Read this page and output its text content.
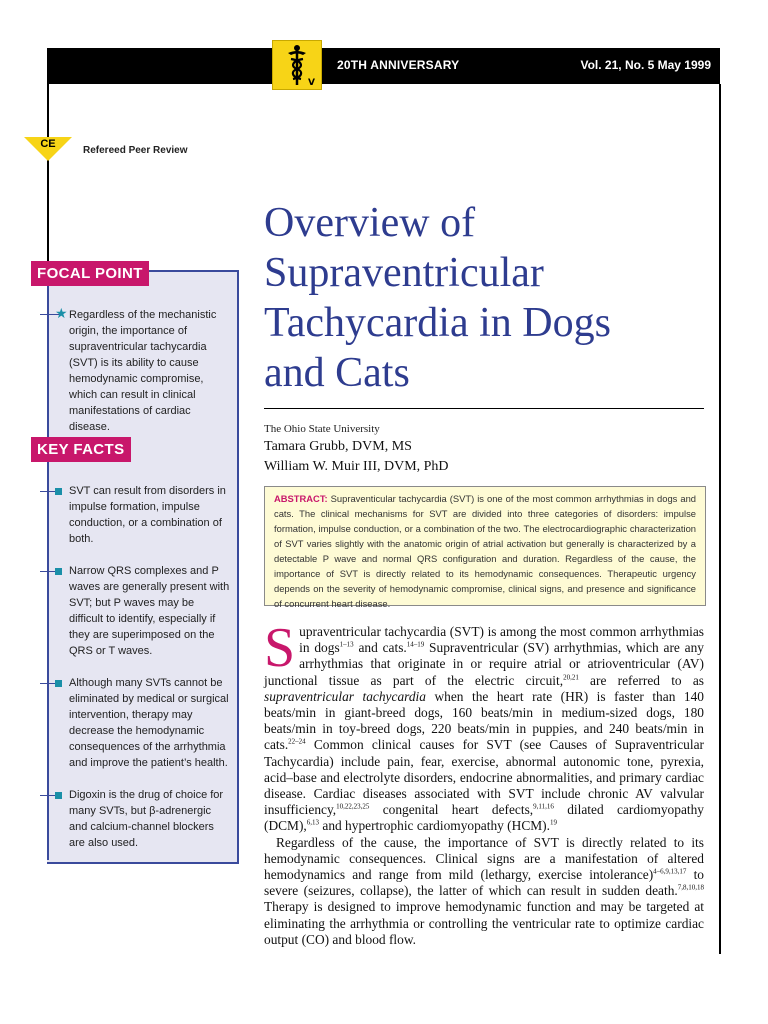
V
20TH ANNIVERSARY	Vol. 21, No. 5 May 1999
CE
Refereed Peer Review
FOCAL POINT
★ Regardless of the mechanistic origin, the importance of supraventricular tachycardia (SVT) is its ability to cause hemodynamic compromise, which can result in clinical manifestations of cardiac disease.
KEY FACTS
SVT can result from disorders in impulse formation, impulse conduction, or a combination of both.
Narrow QRS complexes and P waves are generally present with SVT; but P waves may be difficult to identify, especially if they are superimposed on the QRS or T waves.
Although many SVTs cannot be eliminated by medical or surgical intervention, therapy may decrease the hemodynamic consequences of the arrhythmia and improve the patient’s health.
Digoxin is the drug of choice for many SVTs, but β-adrenergic and calcium-channel blockers are also used.
Overview of
Supraventricular
Tachycardia in Dogs
and Cats
The Ohio State University
Tamara Grubb, DVM, MS
William W. Muir III, DVM, PhD
ABSTRACT: Supraventicular tachycardia (SVT) is one of the most common arrhythmias in dogs and cats. The clinical mechanisms for SVT are divided into three categories of disorders: impulse formation, impulse conduction, or a combination of the two. The electrocardiographic characterization of SVT varies slightly with the anatomic origin of atrial activation but generally is characterized by a detectable P wave and normal QRS configuration and duration. Regardless of the cause, the importance of SVT is directly related to its hemodynamic consequences. Therapeutic urgency depends on the severity of hemodynamic compromise, clinical signs, and presence and significance of concurrent heart disease.

Supraventricular tachycardia (SVT) is among the most common arrhythmias in dogs$^{1-13}$ and cats.$^{14-19}$ Supraventricular (SV) arrhythmias, which are any arrhythmias that originate in or require atrial or atrioventricular (AV) junctional tissue as part of the electric circuit,$^{20,21}$ are referred to as supraventricular tachycardia when the heart rate (HR) is faster than 140 beats/min in giant-breed dogs, 160 beats/min in medium-sized dogs, 180 beats/min in toy-breed dogs, 220 beats/min in puppies, and 240 beats/min in cats.$^{22-24}$ Common clinical causes for SVT (see Causes of Supraventricular Tachycardia) include pain, fear, exercise, abnormal autonomic tone, pyrexia, acid–base and electrolyte disorders, endocrine abnormalities, and primary cardiac disease. Cardiac diseases associated with SVT include chronic AV valvular insufficiency,$^{10,22,23,25}$ congenital heart defects,$^{9,11,16}$ dilated cardiomyopathy (DCM),$^{6,13}$ and hypertrophic cardiomyopathy (HCM).$^{19}$

Regardless of the cause, the importance of SVT is directly related to its hemodynamic consequences. Clinical signs are a manifestation of altered hemodynamics and range from mild (lethargy, exercise intolerance)$^{4-6,9,13,17}$ to severe (seizures, collapse), the latter of which can result in sudden death.$^{7,8,10,18}$ Therapy is designed to improve hemodynamic function and may be targeted at eliminating the arrhythmia or controlling the ventricular rate to optimize cardiac output (CO) and blood flow.
